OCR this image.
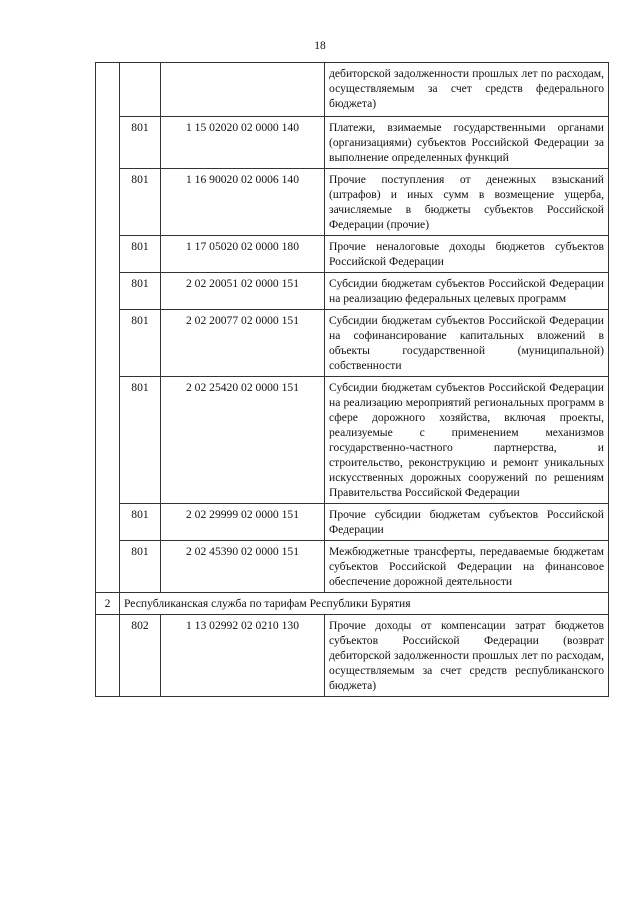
18
			дебиторской задолженности прошлых лет по расходам, осуществляемым за счет средств федерального бюджета)
	801	1 15 02020 02 0000 140	Платежи, взимаемые государственными органами (организациями) субъектов Российской Федерации за выполнение определенных функций
	801	1 16 90020 02 0006 140	Прочие поступления от денежных взысканий (штрафов) и иных сумм в возмещение ущерба, зачисляемые в бюджеты субъектов Российской Федерации (прочие)
	801	1 17 05020 02 0000 180	Прочие неналоговые доходы бюджетов субъектов Российской Федерации
	801	2 02 20051 02 0000 151	Субсидии бюджетам субъектов Российской Федерации на реализацию федеральных целевых программ
	801	2 02 20077 02 0000 151	Субсидии бюджетам субъектов Российской Федерации на софинансирование капитальных вложений в объекты государственной (муниципальной) собственности
	801	2 02 25420 02 0000 151	Субсидии бюджетам субъектов Российской Федерации на реализацию мероприятий региональных программ в сфере дорожного хозяйства, включая проекты, реализуемые с применением механизмов государственно-частного партнерства, и строительство, реконструкцию и ремонт уникальных искусственных дорожных сооружений по решениям Правительства Российской Федерации
	801	2 02 29999 02 0000 151	Прочие субсидии бюджетам субъектов Российской Федерации
	801	2 02 45390 02 0000 151	Межбюджетные трансферты, передаваемые бюджетам субъектов Российской Федерации на финансовое обеспечение дорожной деятельности
2	Республиканская служба по тарифам Республики Бурятия		
	802	1 13 02992 02 0210 130	Прочие доходы от компенсации затрат бюджетов субъектов Российской Федерации (возврат дебиторской задолженности прошлых лет по расходам, осуществляемым за счет средств республиканского бюджета)
